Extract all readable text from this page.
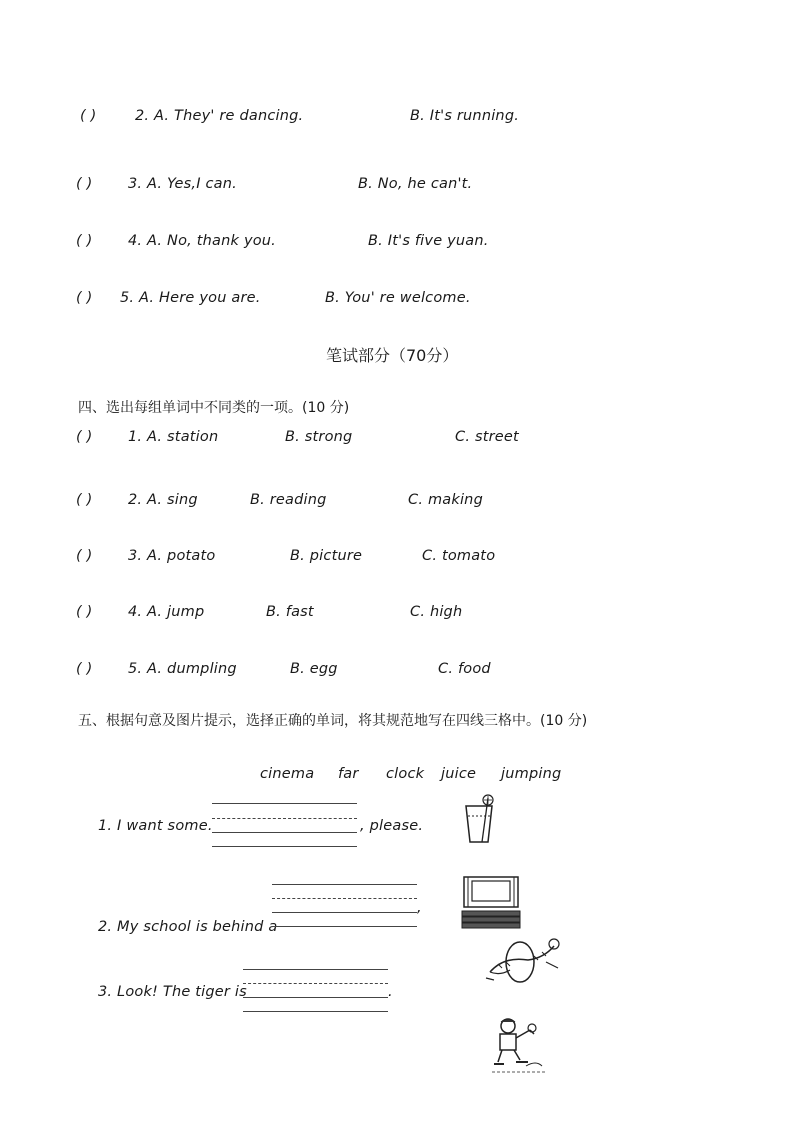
( )	2. A. They' re dancing.	B. It's running.
( ) 3. A. Yes,I can.	B. No, he can't.
( ) 4. A. No, thank you.	B. It's five yuan.
( ) 5. A. Here you are.	B. You' re welcome.
笔试部分（70分）
四、选出每组单词中不同类的一项。(10 分)
( ) 1. A. station	B. strong	C. street
( ) 2. A. sing	B. reading	C. making
( ) 3. A. potato	B. picture	C. tomato
( ) 4. A. jump	B. fast	C. high
( ) 5. A. dumpling	B. egg	C. food
五、根据句意及图片提示，选择正确的单词，将其规范地写在四线三格中。(10 分)
cinema far clock juice jumping
1. I want some.	, please.
2. My school is behind a
,
3. Look! The tiger is	.
